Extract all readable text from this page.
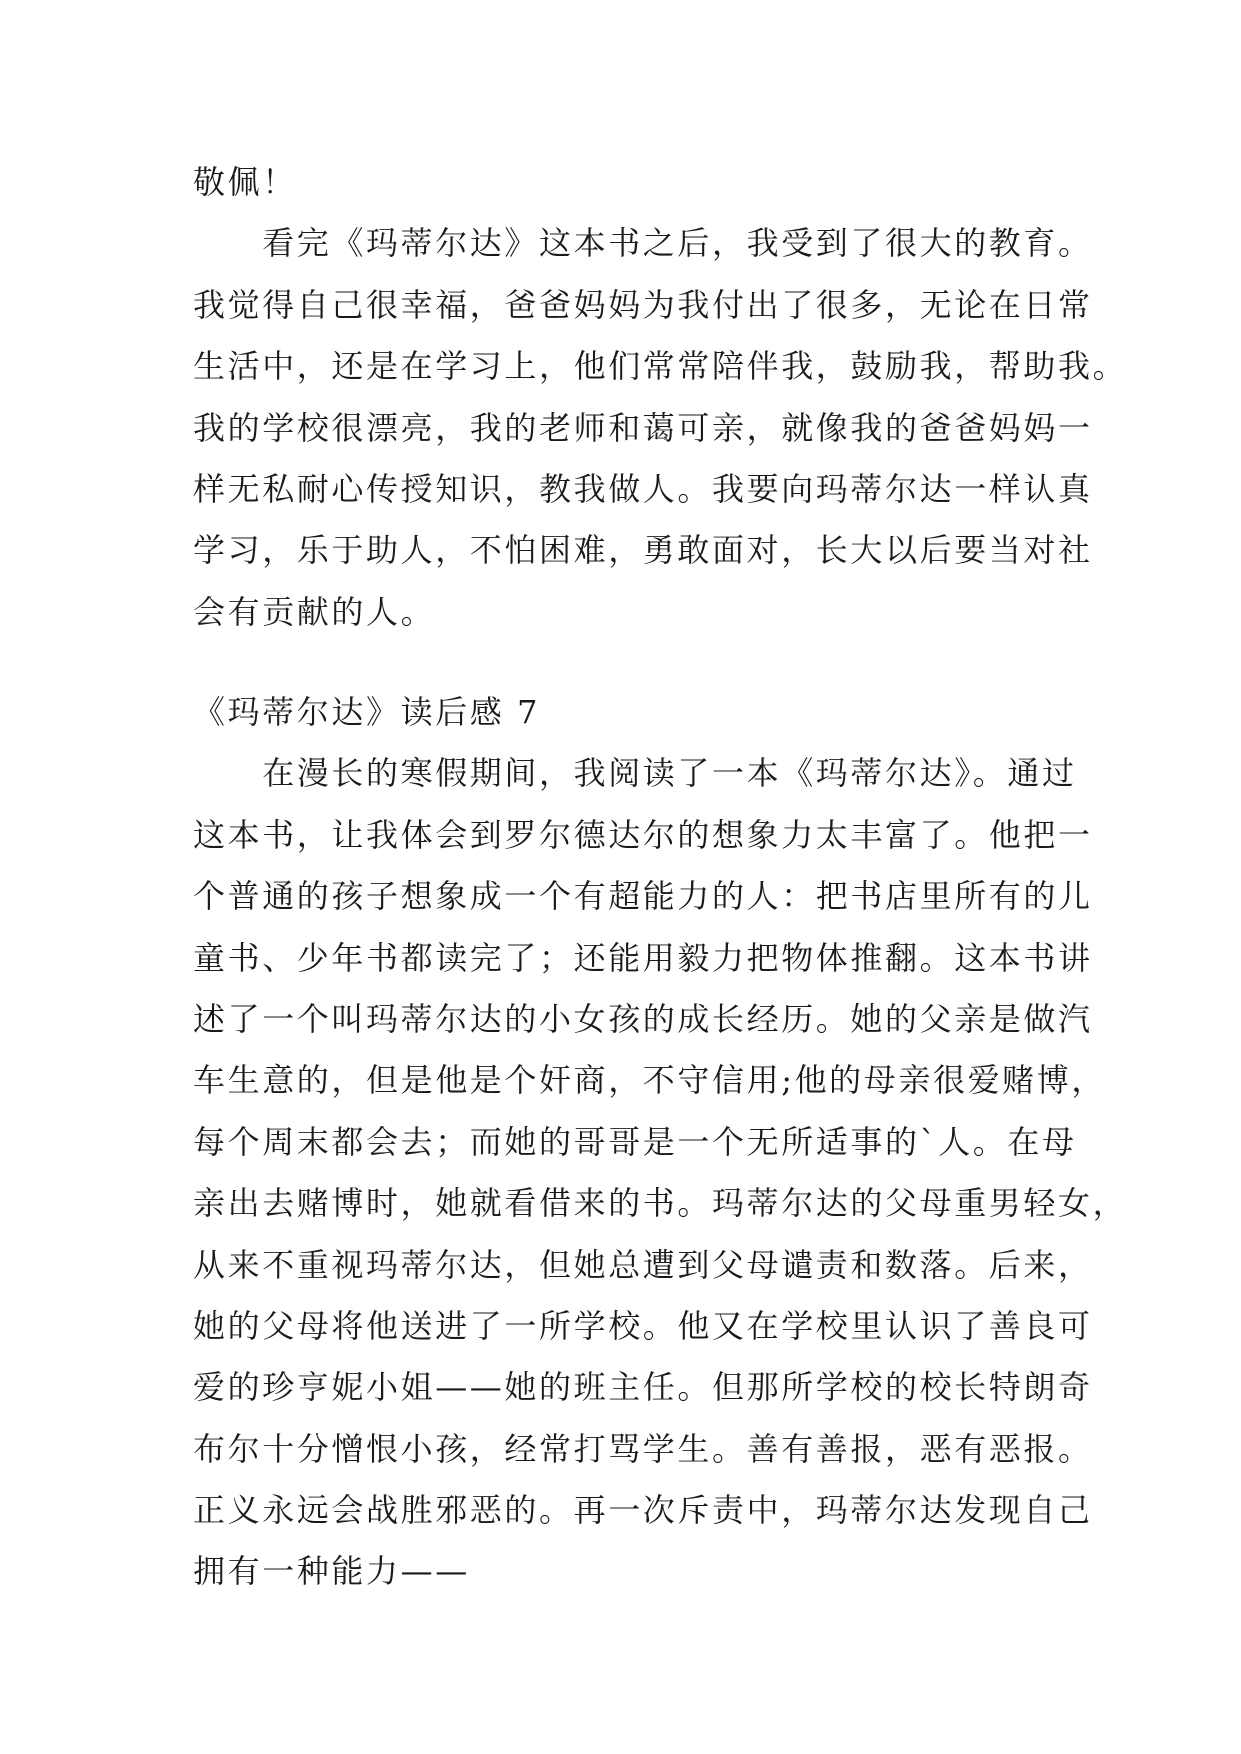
敬佩！
　　看完《玛蒂尔达》这本书之后，我受到了很大的教育。
我觉得自己很幸福，爸爸妈妈为我付出了很多，无论在日常
生活中，还是在学习上，他们常常陪伴我，鼓励我，帮助我。
我的学校很漂亮，我的老师和蔼可亲，就像我的爸爸妈妈一
样无私耐心传授知识，教我做人。我要向玛蒂尔达一样认真
学习，乐于助人，不怕困难，勇敢面对，长大以后要当对社
会有贡献的人。
《玛蒂尔达》读后感 7
　　在漫长的寒假期间，我阅读了一本《玛蒂尔达》。通过
这本书，让我体会到罗尔德达尔的想象力太丰富了。他把一
个普通的孩子想象成一个有超能力的人：把书店里所有的儿
童书、少年书都读完了；还能用毅力把物体推翻。这本书讲
述了一个叫玛蒂尔达的小女孩的成长经历。她的父亲是做汽
车生意的，但是他是个奸商，不守信用;他的母亲很爱赌博，
每个周末都会去；而她的哥哥是一个无所适事的`人。在母
亲出去赌博时，她就看借来的书。玛蒂尔达的父母重男轻女，
从来不重视玛蒂尔达，但她总遭到父母谴责和数落。后来，
她的父母将他送进了一所学校。他又在学校里认识了善良可
爱的珍亨妮小姐——她的班主任。但那所学校的校长特朗奇
布尔十分憎恨小孩，经常打骂学生。善有善报，恶有恶报。
正义永远会战胜邪恶的。再一次斥责中，玛蒂尔达发现自己
拥有一种能力——
